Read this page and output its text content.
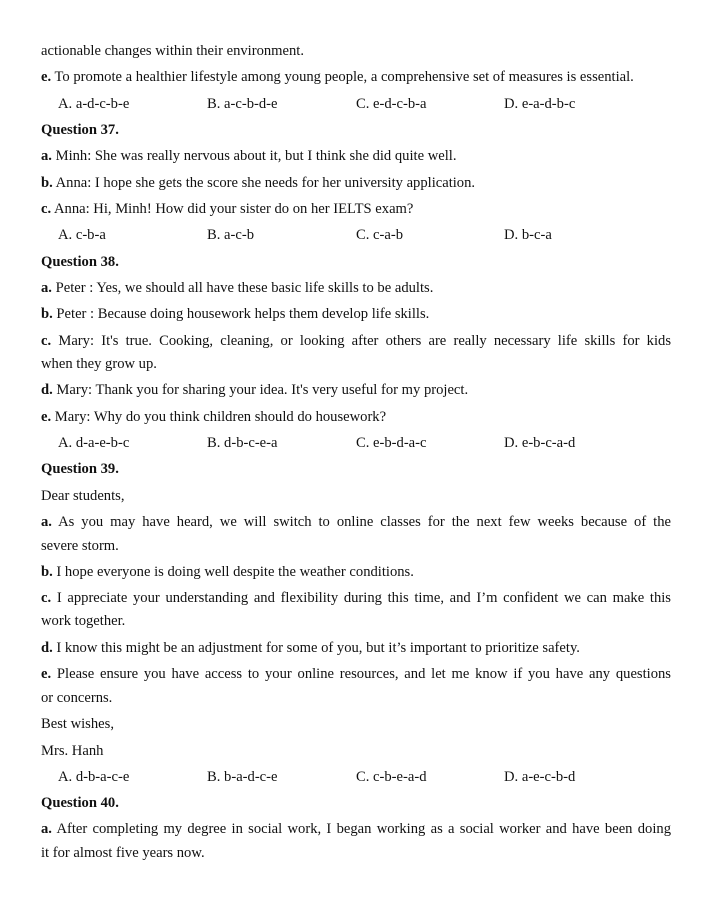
actionable changes within their environment.
e. To promote a healthier lifestyle among young people, a comprehensive set of measures is essential.
A. a-d-c-b-e	B. a-c-b-d-e	C. e-d-c-b-a	D. e-a-d-b-c
Question 37.
a. Minh: She was really nervous about it, but I think she did quite well.
b. Anna: I hope she gets the score she needs for her university application.
c. Anna: Hi, Minh! How did your sister do on her IELTS exam?
A. c-b-a	B. a-c-b	C. c-a-b	D. b-c-a
Question 38.
a. Peter : Yes, we should all have these basic life skills to be adults.
b. Peter : Because doing housework helps them develop life skills.
c. Mary: It's true. Cooking, cleaning, or looking after others are really necessary life skills for kids
when they grow up.
d. Mary: Thank you for sharing your idea. It's very useful for my project.
e. Mary: Why do you think children should do housework?
A. d-a-e-b-c	B. d-b-c-e-a	C. e-b-d-a-c	D. e-b-c-a-d
Question 39.
Dear students,
a. As you may have heard, we will switch to online classes for the next few weeks because of the
severe storm.
b. I hope everyone is doing well despite the weather conditions.
c. I appreciate your understanding and flexibility during this time, and I’m confident we can make this
work together.
d. I know this might be an adjustment for some of you, but it’s important to prioritize safety.
e. Please ensure you have access to your online resources, and let me know if you have any questions
or concerns.
Best wishes,
Mrs. Hanh
A. d-b-a-c-e	B. b-a-d-c-e	C. c-b-e-a-d	D. a-e-c-b-d
Question 40.
a. After completing my degree in social work, I began working as a social worker and have been doing
it for almost five years now.
